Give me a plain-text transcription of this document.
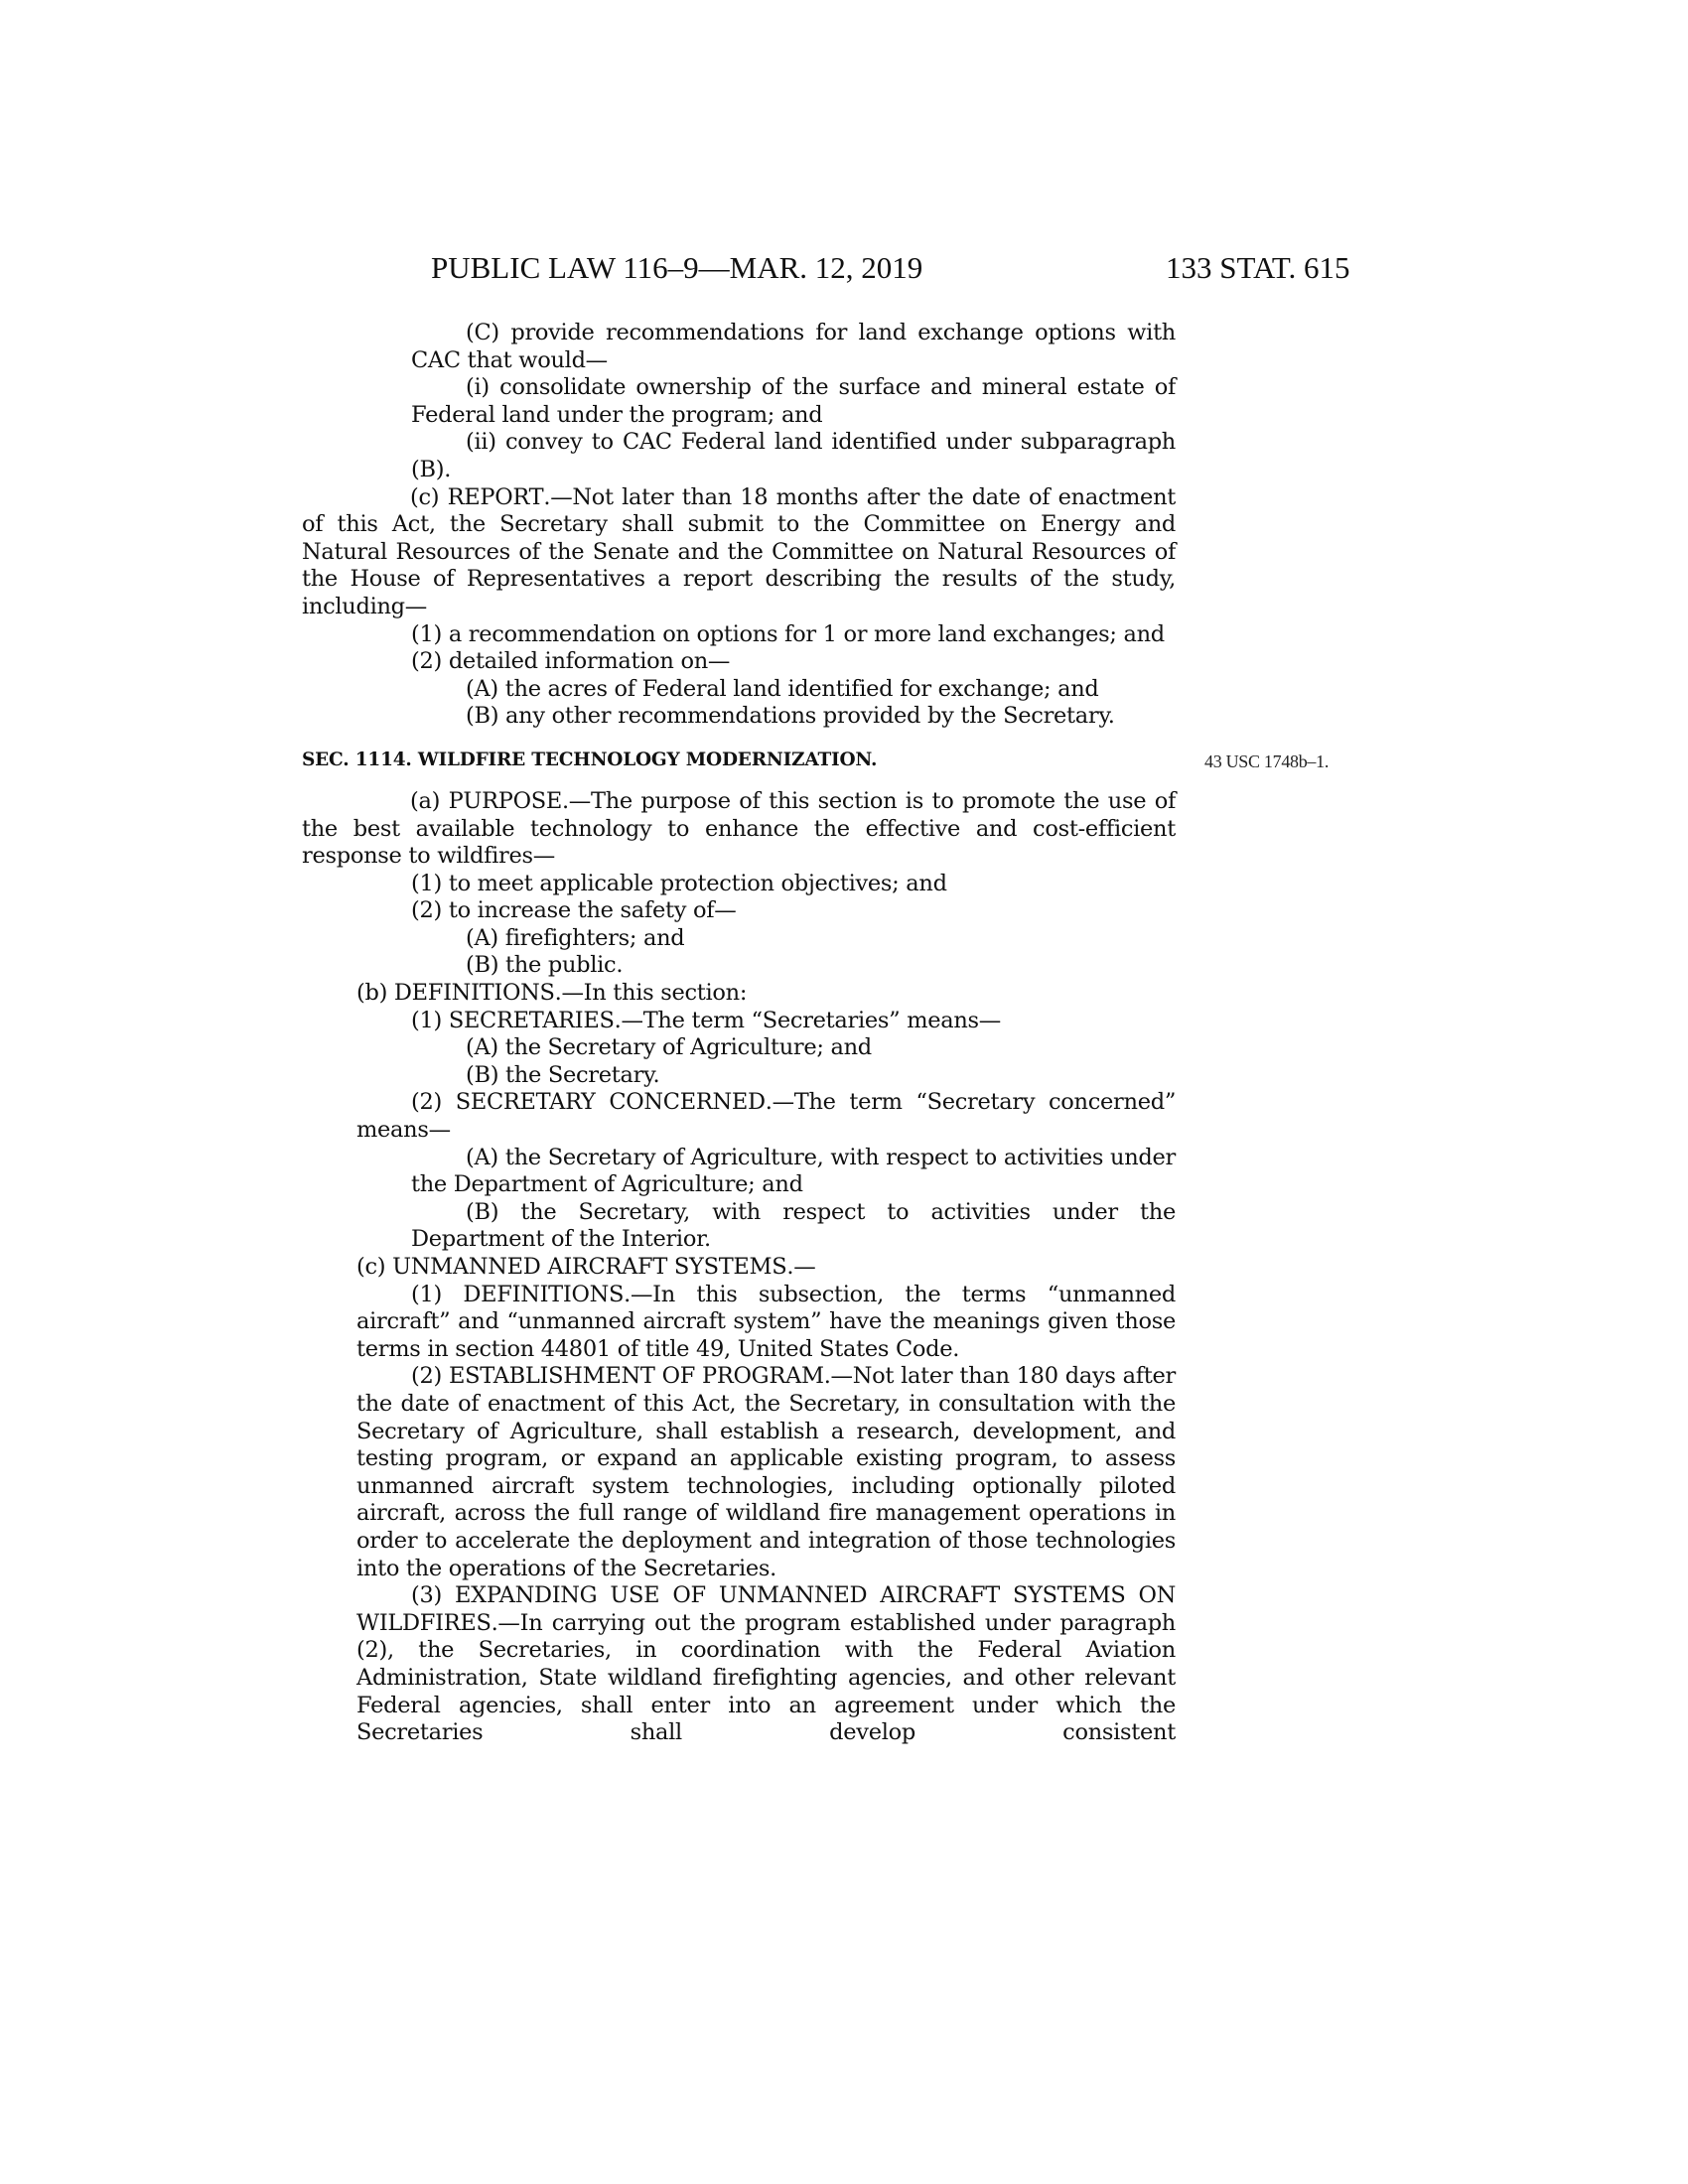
PUBLIC LAW 116–9—MAR. 12, 2019	133 STAT. 615

(C) provide recommendations for land exchange options with CAC that would—

(i) consolidate ownership of the surface and mineral estate of Federal land under the program; and

(ii) convey to CAC Federal land identified under subparagraph (B).

(c) REPORT.—Not later than 18 months after the date of enactment of this Act, the Secretary shall submit to the Committee on Energy and Natural Resources of the Senate and the Committee on Natural Resources of the House of Representatives a report describing the results of the study, including—

(1) a recommendation on options for 1 or more land exchanges; and

(2) detailed information on—

(A) the acres of Federal land identified for exchange; and

(B) any other recommendations provided by the Secretary.

SEC. 1114. WILDFIRE TECHNOLOGY MODERNIZATION.	43 USC 1748b–1.

(a) PURPOSE.—The purpose of this section is to promote the use of the best available technology to enhance the effective and cost-efficient response to wildfires—

(1) to meet applicable protection objectives; and

(2) to increase the safety of—

(A) firefighters; and

(B) the public.

(b) DEFINITIONS.—In this section:

(1) SECRETARIES.—The term “Secretaries” means—

(A) the Secretary of Agriculture; and

(B) the Secretary.

(2) SECRETARY CONCERNED.—The term “Secretary concerned” means—

(A) the Secretary of Agriculture, with respect to activities under the Department of Agriculture; and

(B) the Secretary, with respect to activities under the Department of the Interior.

(c) UNMANNED AIRCRAFT SYSTEMS.—

(1) DEFINITIONS.—In this subsection, the terms “unmanned aircraft” and “unmanned aircraft system” have the meanings given those terms in section 44801 of title 49, United States Code.

(2) ESTABLISHMENT OF PROGRAM.—Not later than 180 days after the date of enactment of this Act, the Secretary, in consultation with the Secretary of Agriculture, shall establish a research, development, and testing program, or expand an applicable existing program, to assess unmanned aircraft system technologies, including optionally piloted aircraft, across the full range of wildland fire management operations in order to accelerate the deployment and integration of those technologies into the operations of the Secretaries.

(3) EXPANDING USE OF UNMANNED AIRCRAFT SYSTEMS ON WILDFIRES.—In carrying out the program established under paragraph (2), the Secretaries, in coordination with the Federal Aviation Administration, State wildland firefighting agencies, and other relevant Federal agencies, shall enter into an agreement under which the Secretaries shall develop consistent
